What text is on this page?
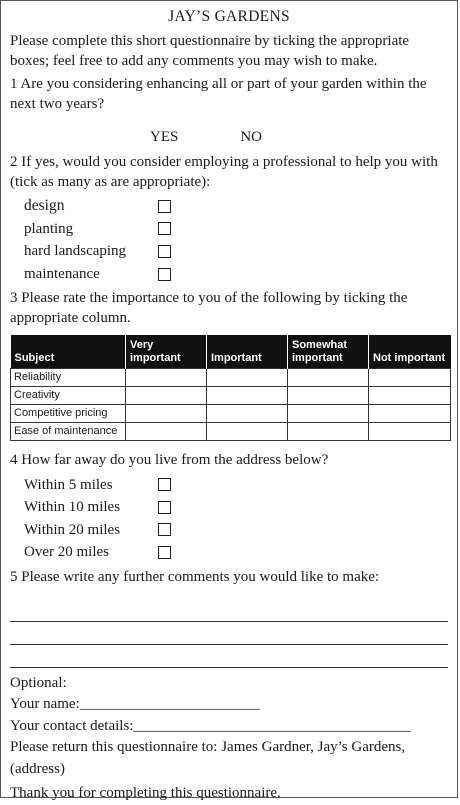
JAY’S GARDENS

Please complete this short questionnaire by ticking the appropriate boxes; feel free to add any comments you may wish to make.

1 Are you considering enhancing all or part of your garden within the next two years?

YES	NO

2 If yes, would you consider employing a professional to help you with (tick as many as are appropriate):

design
planting
hard landscaping
maintenance

3 Please rate the importance to you of the following by ticking the appropriate column.

Subject	Very important	Important	Somewhat important	Not important
Reliability				
Creativity				
Competitive pricing				
Ease of maintenance				

4 How far away do you live from the address below?

Within 5 miles
Within 10 miles
Within 20 miles
Over 20 miles

5 Please write any further comments you would like to make:

Optional:
Your name:________________________
Your contact details:_____________________________________
Please return this questionnaire to: James Gardner, Jay’s Gardens, (address)
Thank you for completing this questionnaire.
